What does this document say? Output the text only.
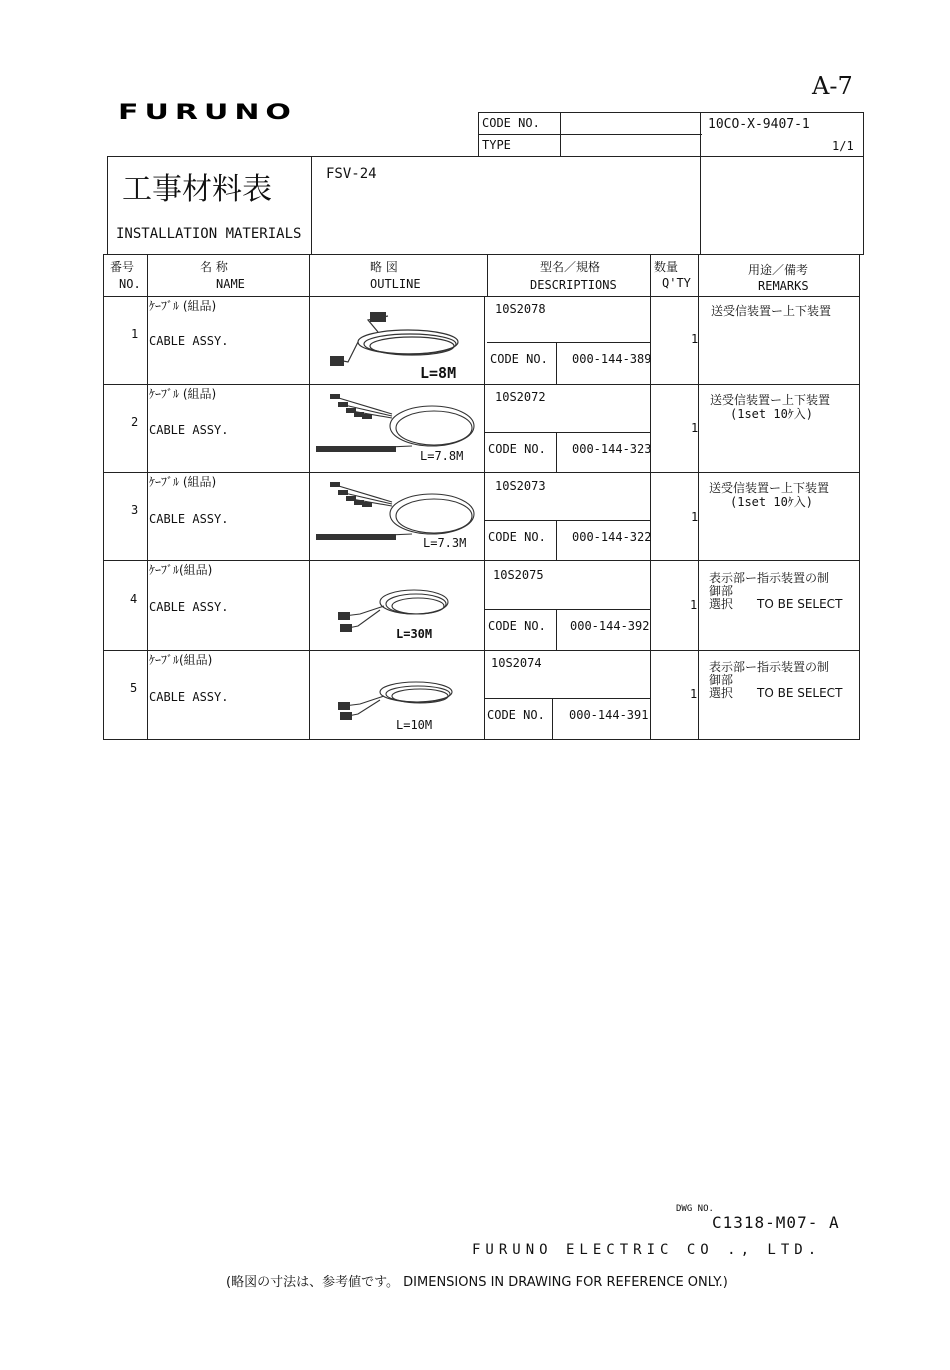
A-7
FURUNO	CODE NO.
TYPE
10CO-X-9407-1
1/1
工事材料表
INSTALLATION MATERIALS
FSV-24
番号
NO.
名 称
NAME
略 図
OUTLINE
型名／規格
DESCRIPTIONS
数量
Q'TY
用途／備考
REMARKS
1
ｹｰﾌﾞﾙ (組品)
CABLE ASSY.
L=8M
10S2078
CODE NO. 000-144-389
1
送受信装置ー上下装置
2
ｹｰﾌﾞﾙ (組品)
CABLE ASSY.
L=7.8M
10S2072
CODE NO. 000-144-323
1
送受信装置ー上下装置
(1set 10ｹ入)
3
ｹｰﾌﾞﾙ (組品)
CABLE ASSY.
L=7.3M
10S2073
CODE NO. 000-144-322
1
送受信装置ー上下装置
(1set 10ｹ入)
4
ｹｰﾌﾞﾙ(組品)
CABLE ASSY.
L=30M
10S2075
CODE NO. 000-144-392
1
表示部ー指示装置の制
御部
選択　　TO BE SELECT
5
ｹｰﾌﾞﾙ(組品)
CABLE ASSY.
L=10M
10S2074
CODE NO. 000-144-391
1
表示部ー指示装置の制
御部
選択　　TO BE SELECT
DWG NO.
C1318-M07- A
FURUNO ELECTRIC CO ., LTD.
(略図の寸法は、参考値です。 DIMENSIONS IN DRAWING FOR REFERENCE ONLY.)
